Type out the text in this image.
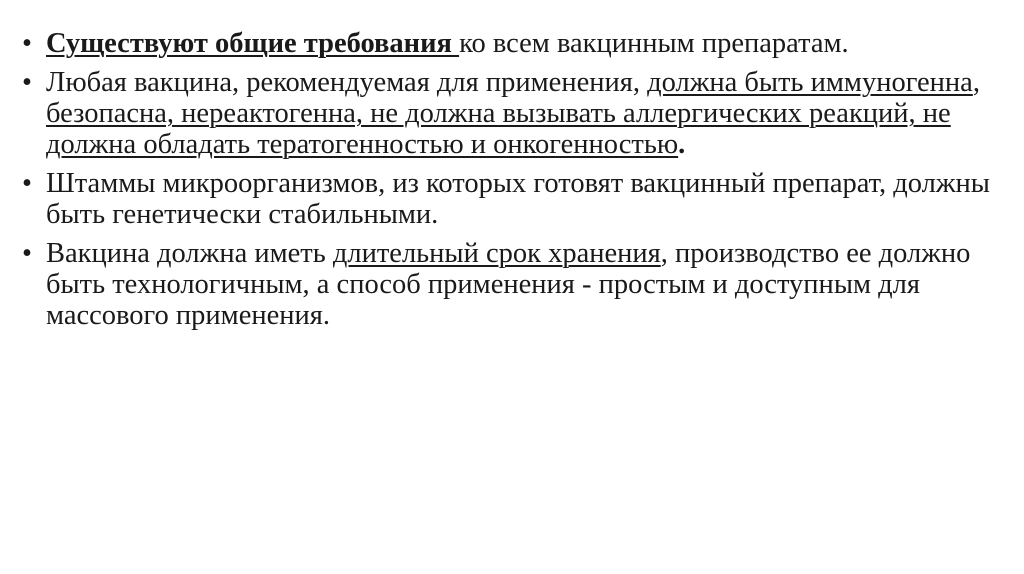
• Существуют общие требования ко всем вакцинным препаратам.
• Любая вакцина, рекомендуемая для применения, должна быть иммуногенна, безопасна, нереактогенна, не должна вызывать аллергических реакций, не должна обладать тератогенностью и онкогенностью.
• Штаммы микроорганизмов, из которых готовят вакцинный препарат, должны быть генетически стабильными.
• Вакцина должна иметь длительный срок хранения, производство ее должно быть технологичным, а способ применения - простым и доступным для массового применения.
